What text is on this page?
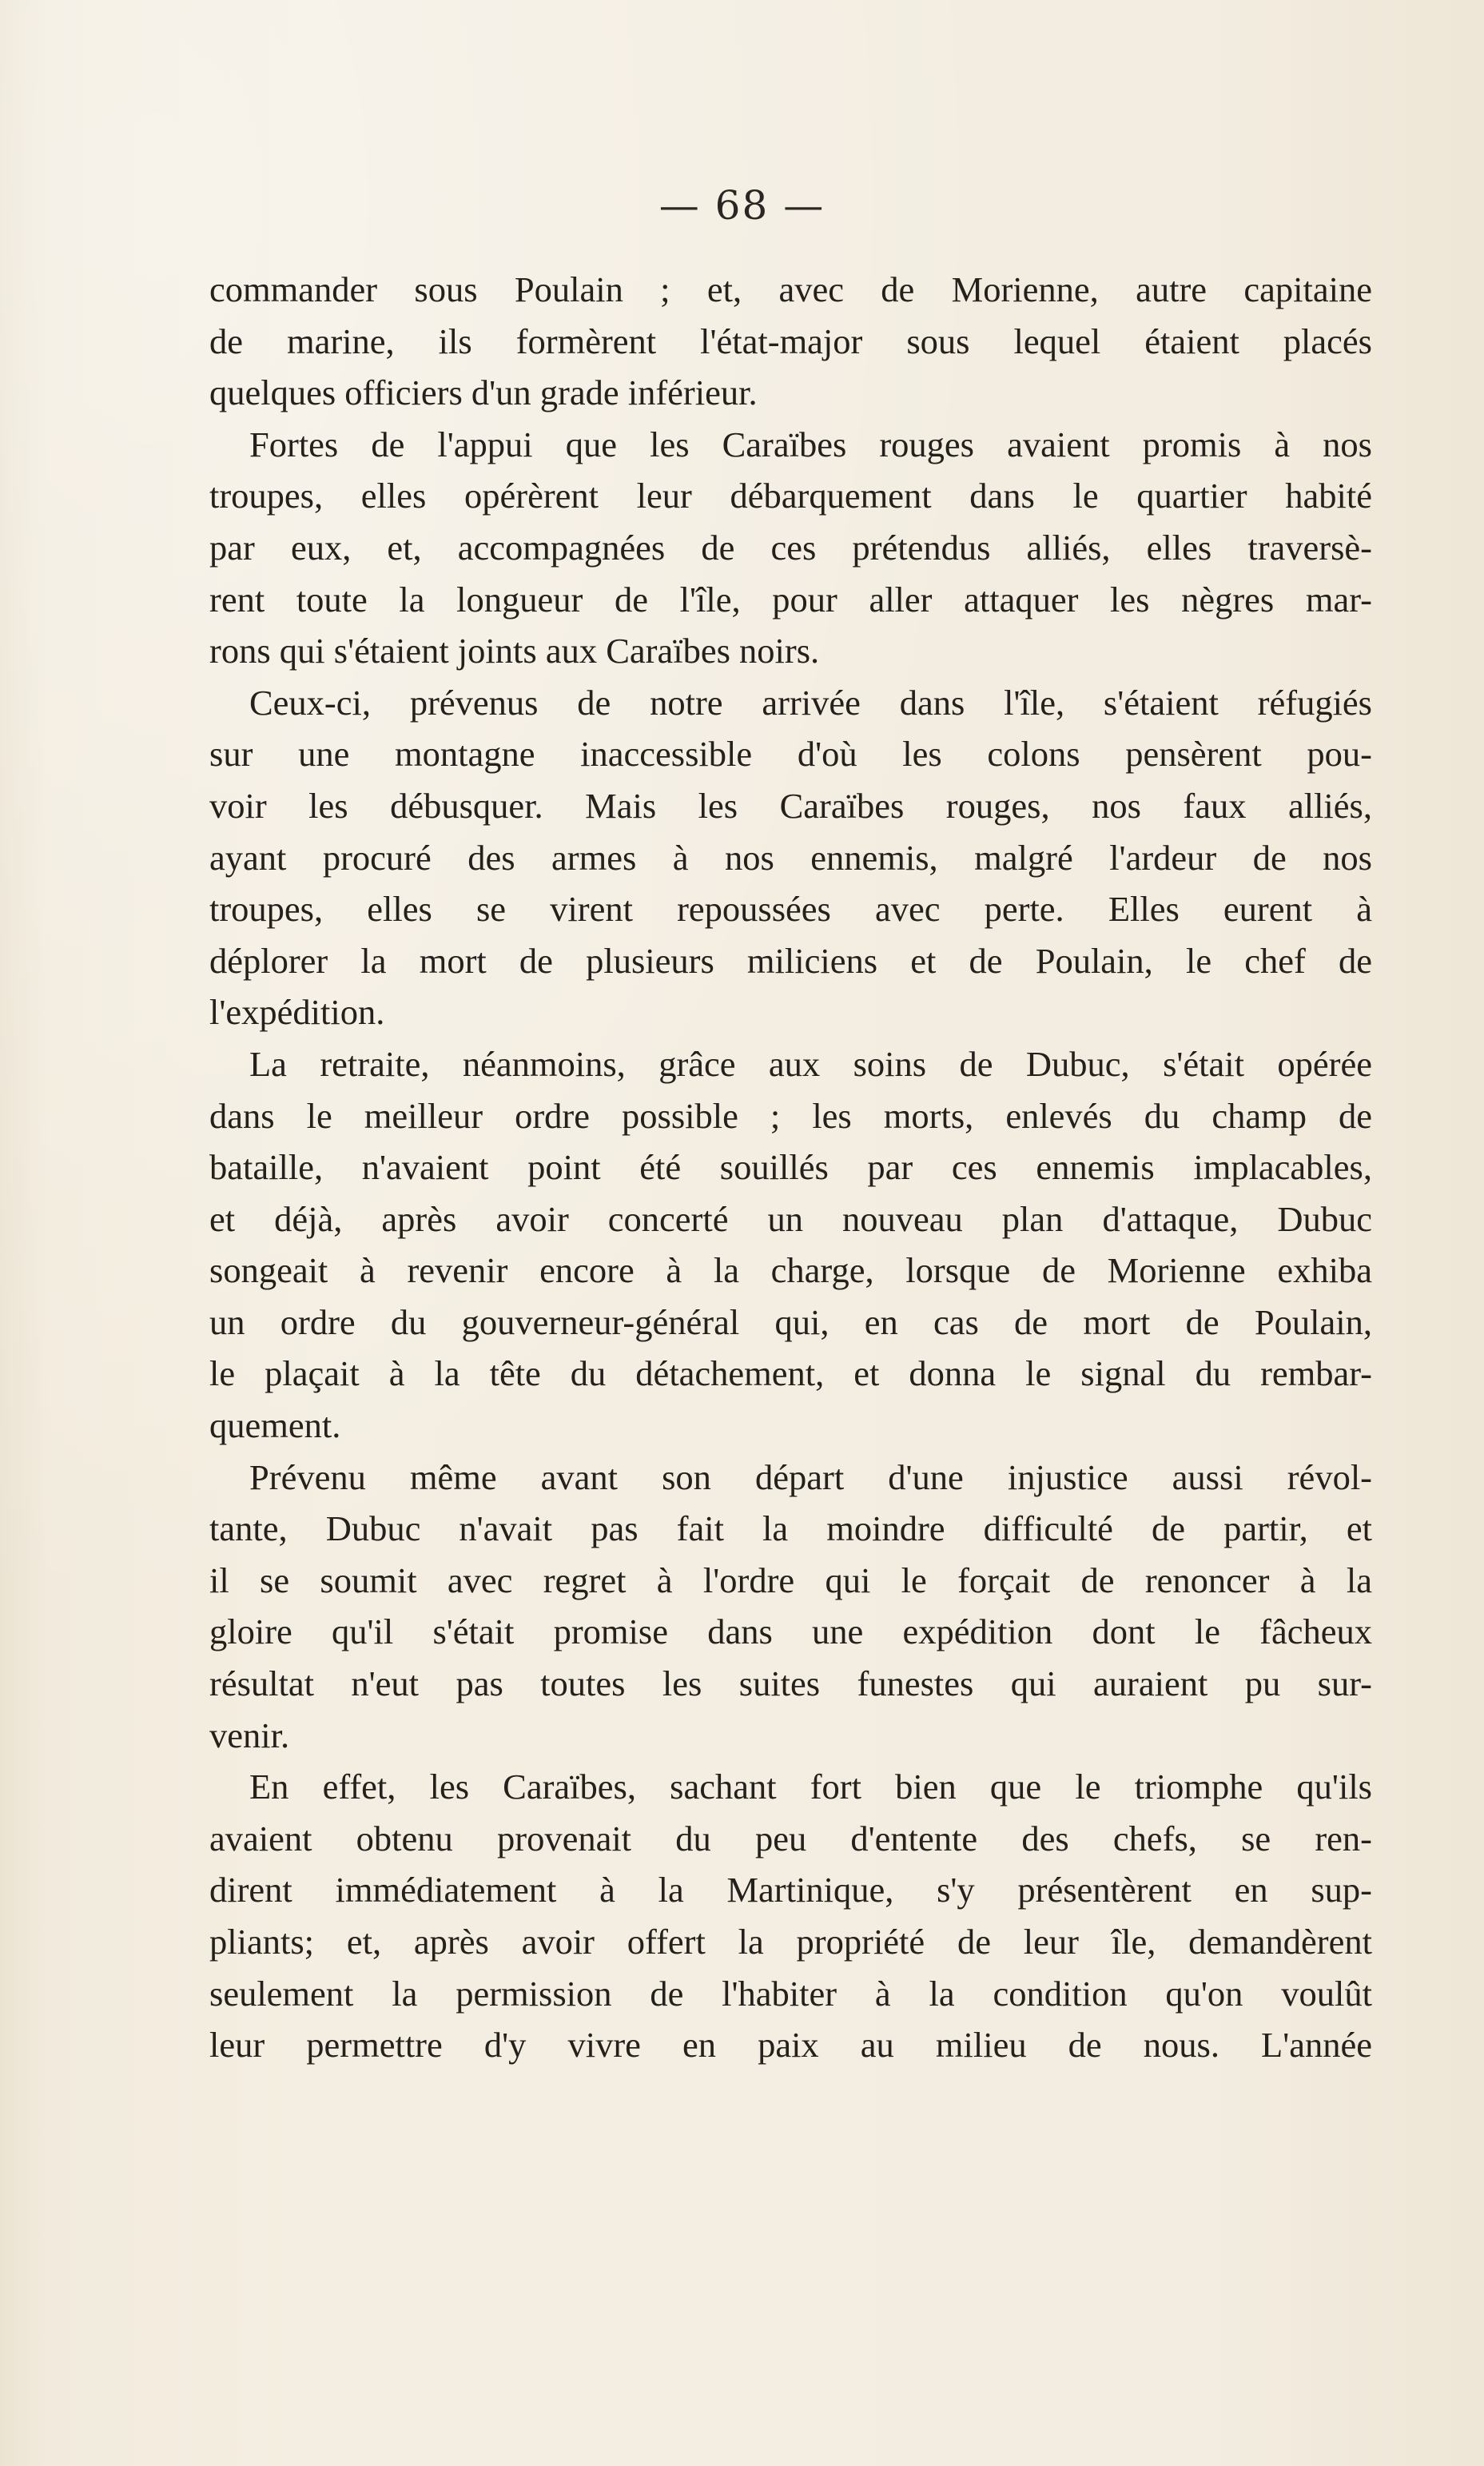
— 68 —
commander sous Poulain ; et, avec de Morienne, autre capitaine
de marine, ils formèrent l'état-major sous lequel étaient placés
quelques officiers d'un grade inférieur.
Fortes de l'appui que les Caraïbes rouges avaient promis à nos
troupes, elles opérèrent leur débarquement dans le quartier habité
par eux, et, accompagnées de ces prétendus alliés, elles traversè-
rent toute la longueur de l'île, pour aller attaquer les nègres mar-
rons qui s'étaient joints aux Caraïbes noirs.
Ceux-ci, prévenus de notre arrivée dans l'île, s'étaient réfugiés
sur une montagne inaccessible d'où les colons pensèrent pou-
voir les débusquer. Mais les Caraïbes rouges, nos faux alliés,
ayant procuré des armes à nos ennemis, malgré l'ardeur de nos
troupes, elles se virent repoussées avec perte. Elles eurent à
déplorer la mort de plusieurs miliciens et de Poulain, le chef de
l'expédition.
La retraite, néanmoins, grâce aux soins de Dubuc, s'était opérée
dans le meilleur ordre possible ; les morts, enlevés du champ de
bataille, n'avaient point été souillés par ces ennemis implacables,
et déjà, après avoir concerté un nouveau plan d'attaque, Dubuc
songeait à revenir encore à la charge, lorsque de Morienne exhiba
un ordre du gouverneur-général qui, en cas de mort de Poulain,
le plaçait à la tête du détachement, et donna le signal du rembar-
quement.
Prévenu même avant son départ d'une injustice aussi révol-
tante, Dubuc n'avait pas fait la moindre difficulté de partir, et
il se soumit avec regret à l'ordre qui le forçait de renoncer à la
gloire qu'il s'était promise dans une expédition dont le fâcheux
résultat n'eut pas toutes les suites funestes qui auraient pu sur-
venir.
En effet, les Caraïbes, sachant fort bien que le triomphe qu'ils
avaient obtenu provenait du peu d'entente des chefs, se ren-
dirent immédiatement à la Martinique, s'y présentèrent en sup-
pliants; et, après avoir offert la propriété de leur île, demandèrent
seulement la permission de l'habiter à la condition qu'on voulût
leur permettre d'y vivre en paix au milieu de nous. L'année
